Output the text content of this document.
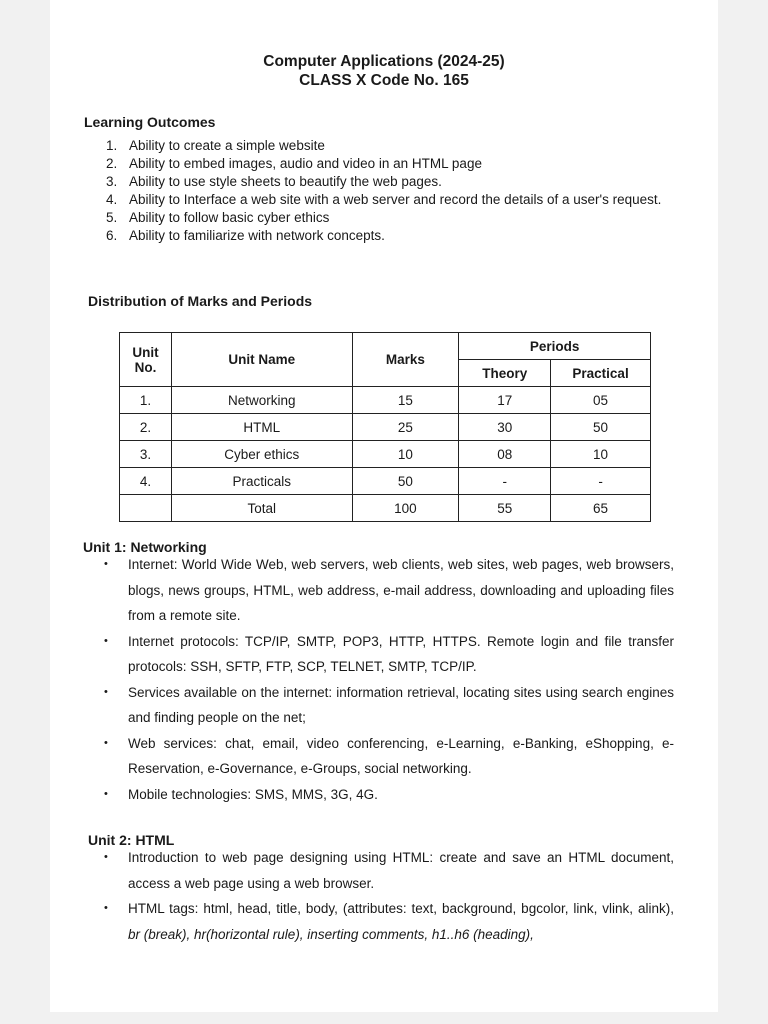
Computer Applications (2024-25)
CLASS X Code No. 165
Learning Outcomes
1. Ability to create a simple website
2. Ability to embed images, audio and video in an HTML page
3. Ability to use style sheets to beautify the web pages.
4. Ability to Interface a web site with a web server and record the details of a user's request.
5. Ability to follow basic cyber ethics
6. Ability to familiarize with network concepts.
Distribution of Marks and Periods
Unit No.	Unit Name	Marks	Periods	
			Theory	Practical
1.	Networking	15	17	05
2.	HTML	25	30	50
3.	Cyber ethics	10	08	10
4.	Practicals	50	-	-
	Total	100	55	65
Unit 1: Networking
• Internet: World Wide Web, web servers, web clients, web sites, web pages, web browsers, blogs, news groups, HTML, web address, e-mail address, downloading and uploading files from a remote site.
• Internet protocols: TCP/IP, SMTP, POP3, HTTP, HTTPS. Remote login and file transfer protocols: SSH, SFTP, FTP, SCP, TELNET, SMTP, TCP/IP.
• Services available on the internet: information retrieval, locating sites using search engines and finding people on the net;
• Web services: chat, email, video conferencing, e-Learning, e-Banking, eShopping, e-Reservation, e-Governance, e-Groups, social networking.
• Mobile technologies: SMS, MMS, 3G, 4G.
Unit 2: HTML
• Introduction to web page designing using HTML: create and save an HTML document, access a web page using a web browser.
• HTML tags: html, head, title, body, (attributes: text, background, bgcolor, link, vlink, alink), br (break), hr(horizontal rule), inserting comments, h1..h6 (heading),
